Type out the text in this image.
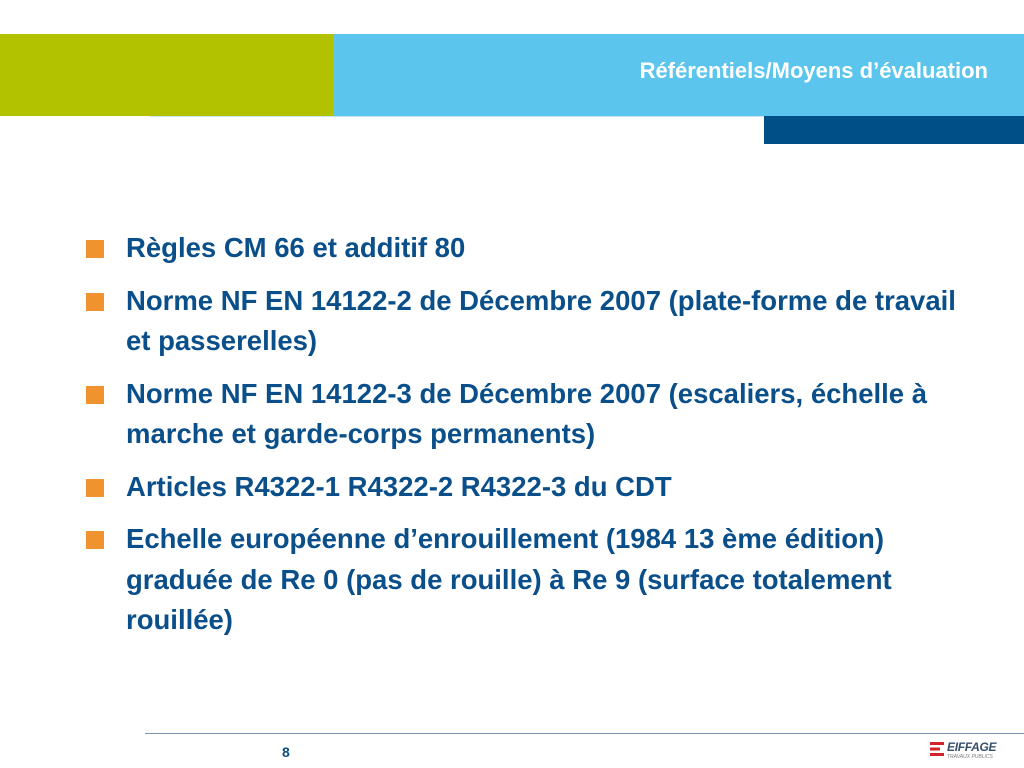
Référentiels/Moyens d’évaluation
Règles CM 66 et additif 80
Norme NF EN 14122-2 de Décembre 2007 (plate-forme de travail et passerelles)
Norme NF EN 14122-3 de Décembre 2007 (escaliers, échelle à marche et garde-corps permanents)
Articles R4322-1 R4322-2 R4322-3 du CDT
Echelle européenne d’enrouillement (1984 13 ème édition) graduée de Re 0 (pas de rouille) à Re 9 (surface totalement rouillée)
8	EIFFAGE
TRAVAUX PUBLICS
